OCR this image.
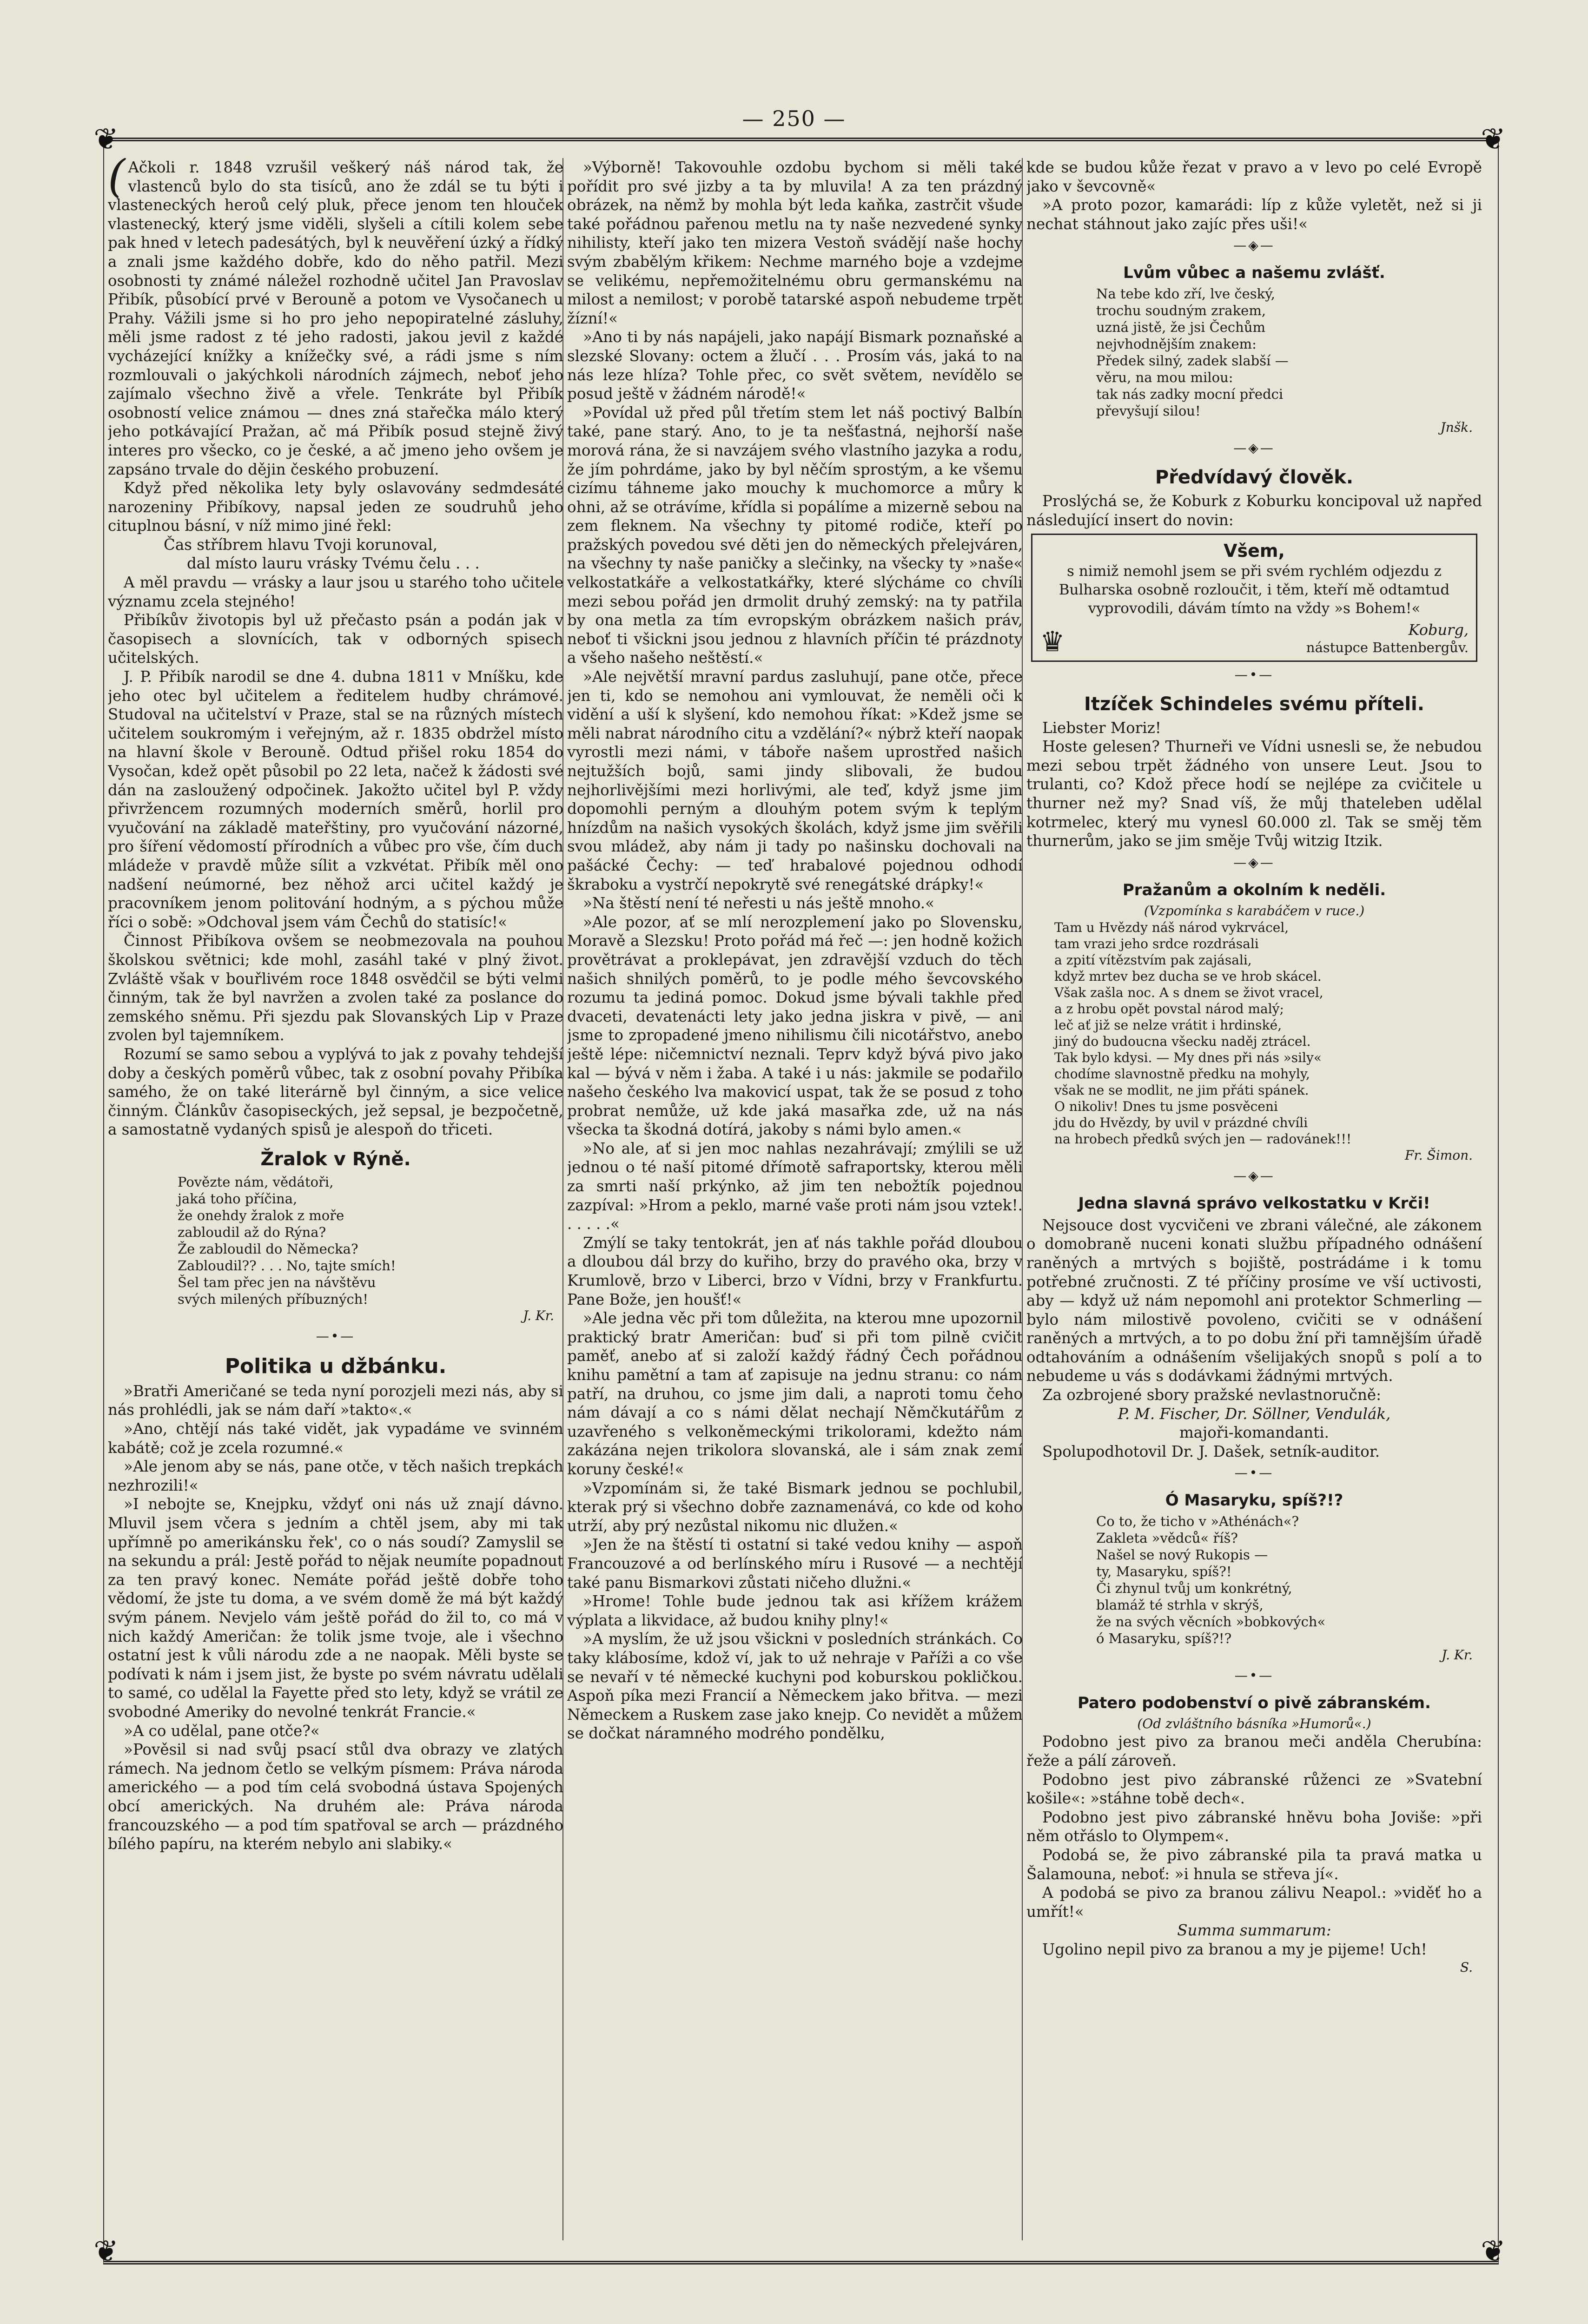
— 250 —
❦	❦
❦	❦

( Ačkoli r. 1848 vzrušil veškerý náš národ tak, že vlastenců bylo do sta tisíců, ano že zdál se tu býti i vlasteneckých heroů celý pluk, přece jenom ten hlouček vlastenecký, který jsme viděli, slyšeli a cítili kolem sebe pak hned v letech padesátých, byl k neuvěření úzký a řídký a znali jsme každého dobře, kdo do něho patřil. Mezi osobnosti ty známé náležel rozhodně učitel Jan Pravoslav Přibík, působící prvé v Berouně a potom ve Vysočanech u Prahy. Vážili jsme si ho pro jeho nepopiratelné zásluhy, měli jsme radost z té jeho radosti, jakou jevil z každé vycházející knížky a knížečky své, a rádi jsme s ním rozmlouvali o jakýchkoli národních zájmech, neboť jeho zajímalo všechno živě a vřele. Tenkráte byl Přibík osobností velice známou — dnes zná stařečka málo který jeho potkávající Pražan, ač má Přibík posud stejně živý interes pro všecko, co je české, a ač jmeno jeho ovšem je zapsáno trvale do dějin českého probuzení.

Když před několika lety byly oslavovány sedmdesáté narozeniny Přibíkovy, napsal jeden ze soudruhů jeho cituplnou básní, v níž mimo jiné řekl:

Čas stříbrem hlavu Tvoji korunoval,

dal místo lauru vrásky Tvému čelu . . .

A měl pravdu — vrásky a laur jsou u starého toho učitele významu zcela stejného!

Přibíkův životopis byl už přečasto psán a podán jak v časopisech a slovnících, tak v odborných spisech učitelských.

J. P. Přibík narodil se dne 4. dubna 1811 v Mníšku, kde jeho otec byl učitelem a ředitelem hudby chrámové. Studoval na učitelství v Praze, stal se na různých místech učitelem soukromým i veřejným, až r. 1835 obdržel místo na hlavní škole v Berouně. Odtud přišel roku 1854 do Vysočan, kdež opět působil po 22 leta, načež k žádosti své dán na zasloužený odpočinek. Jakožto učitel byl P. vždy přivržencem rozumných moderních směrů, horlil pro vyučování na základě mateřštiny, pro vyučování názorné, pro šíření vědomostí přírodních a vůbec pro vše, čím duch mládeže v pravdě může sílit a vzkvétat. Přibík měl ono nadšení neúmorné, bez něhož arci učitel každý je pracovníkem jenom politování hodným, a s pýchou může říci o sobě: »Odchoval jsem vám Čechů do statisíc!«

Činnost Přibíkova ovšem se neobmezovala na pouhou školskou světnici; kde mohl, zasáhl také v plný život. Zvláště však v bouřlivém roce 1848 osvědčil se býti velmi činným, tak že byl navržen a zvolen také za poslance do zemského sněmu. Při sjezdu pak Slovanských Lip v Praze zvolen byl tajemníkem.

Rozumí se samo sebou a vyplývá to jak z povahy tehdejší doby a českých poměrů vůbec, tak z osobní povahy Přibíka samého, že on také literárně byl činným, a sice velice činným. Článkův časopiseckých, jež sepsal, je bezpočetně, a samostatně vydaných spisů je alespoň do třiceti.

Žralok v Rýně.
Povězte nám, vědátoři,
jaká toho příčina,
že onehdy žralok z moře
zabloudil až do Rýna?
Že zabloudil do Německa?
Zabloudil?? . . . No, tajte smích!
Šel tam přec jen na návštěvu
svých milených příbuzných!
J. Kr.
—•—
Politika u džbánku.

»Bratři Američané se teda nyní porozjeli mezi nás, aby si nás prohlédli, jak se nám daří »takto«.«

»Ano, chtějí nás také vidět, jak vypadáme ve svinném kabátě; což je zcela rozumné.«

»Ale jenom aby se nás, pane otče, v těch našich trepkách nezhrozili!«

»I nebojte se, Knejpku, vždyť oni nás už znají dávno. Mluvil jsem včera s jedním a chtěl jsem, aby mi tak upřímně po amerikánsku řek', co o nás soudí? Zamyslil se na sekundu a prál: Jestě pořád to nějak neumíte popadnout za ten pravý konec. Nemáte pořád ještě dobře toho vědomí, že jste tu doma, a ve svém domě že má být každý svým pánem. Nevjelo vám ještě pořád do žil to, co má v nich každý Američan: že tolik jsme tvoje, ale i všechno ostatní jest k vůli národu zde a ne naopak. Měli byste se podívati k nám i jsem jist, že byste po svém návratu udělali to samé, co udělal la Fayette před sto lety, když se vrátil ze svobodné Ameriky do nevolné tenkrát Francie.«

»A co udělal, pane otče?«

»Pověsil si nad svůj psací stůl dva obrazy ve zlatých rámech. Na jednom četlo se velkým písmem: Práva národa amerického — a pod tím celá svobodná ústava Spojených obcí amerických. Na druhém ale: Práva národa francouzského — a pod tím spatřoval se arch — prázdného bílého papíru, na kterém nebylo ani slabiky.«

»Výborně! Takovouhle ozdobu bychom si měli také pořídit pro své jizby a ta by mluvila! A za ten prázdný obrázek, na němž by mohla být leda kaňka, zastrčit všude také pořádnou pařenou metlu na ty naše nezvedené synky nihilisty, kteří jako ten mizera Vestoň svádějí naše hochy svým zbabělým křikem: Nechme marného boje a vzdejme se velikému, nepřemožitelnému obru germanskému na milost a nemilost; v porobě tatarské aspoň nebudeme trpět žízní!«

»Ano ti by nás napájeli, jako napájí Bismark poznaňské a slezské Slovany: octem a žlučí . . . Prosím vás, jaká to na nás leze hlíza? Tohle přec, co svět světem, nevídělo se posud ještě v žádném národě!«

»Povídal už před půl třetím stem let náš poctivý Balbín také, pane starý. Ano, to je ta nešťastná, nejhorší naše morová rána, že si navzájem svého vlastního jazyka a rodu, že jím pohrdáme, jako by byl něčím sprostým, a ke všemu cizímu táhneme jako mouchy k muchomorce a můry k ohni, až se otrávíme, křídla si popálíme a mizerně sebou na zem fleknem. Na všechny ty pitomé rodiče, kteří po pražských povedou své děti jen do německých přelejváren, na všechny ty naše paničky a slečinky, na všecky ty »naše« velkostatkáře a velkostatkářky, které slýcháme co chvíli mezi sebou pořád jen drmolit druhý zemský: na ty patřila by ona metla za tím evropským obrázkem našich práv, neboť ti všickni jsou jednou z hlavních příčin té prázdnoty a všeho našeho neštěstí.«

»Ale největší mravní pardus zasluhují, pane otče, přece jen ti, kdo se nemohou ani vymlouvat, že neměli oči k vidění a uší k slyšení, kdo nemohou říkat: »Kdež jsme se měli nabrat národního citu a vzdělání?« nýbrž kteří naopak vyrostli mezi námi, v táboře našem uprostřed našich nejtužších bojů, sami jindy slibovali, že budou nejhorlivějšími mezi horlivými, ale teď, když jsme jim dopomohli perným a dlouhým potem svým k teplým hnízdům na našich vysokých školách, když jsme jim svěřili svou mládež, aby nám ji tady po našinsku dochovali na pašácké Čechy: — teď hrabalové pojednou odhodí škraboku a vystrčí nepokrytě své renegátské drápky!«

»Na štěstí není té neřesti u nás ještě mnoho.«

»Ale pozor, ať se mlí nerozplemení jako po Slovensku, Moravě a Slezsku! Proto pořád má řeč —: jen hodně kožich provětrávat a proklepávat, jen zdravější vzduch do těch našich shnilých poměrů, to je podle mého ševcovského rozumu ta jediná pomoc. Dokud jsme bývali takhle před dvaceti, devatenácti lety jako jedna jiskra v pivě, — ani jsme to zpropadené jmeno nihilismu čili nicotářstvo, anebo ještě lépe: ničemnictví neznali. Teprv když bývá pivo jako kal — bývá v něm i žaba. A také i u nás: jakmile se podařilo našeho českého lva makovicí uspat, tak že se posud z toho probrat nemůže, už kde jaká masařka zde, už na nás všecka ta škodná dotírá, jakoby s námi bylo amen.«

»No ale, ať si jen moc nahlas nezahrávají; zmýlili se už jednou o té naší pitomé dřímotě safraportsky, kterou měli za smrti naší prkýnko, až jim ten nebožtík pojednou zazpíval: »Hrom a peklo, marné vaše proti nám jsou vztek!. . . . . .«

Zmýlí se taky tentokrát, jen ať nás takhle pořád dloubou a dloubou dál brzy do kuřiho, brzy do pravého oka, brzy v Krumlově, brzo v Liberci, brzo v Vídni, brzy v Frankfurtu. Pane Bože, jen houšť!«

»Ale jedna věc při tom důležita, na kterou mne upozornil praktický bratr Američan: buď si při tom pilně cvičit paměť, anebo ať si založí každý řádný Čech pořádnou knihu pamětní a tam ať zapisuje na jednu stranu: co nám patří, na druhou, co jsme jim dali, a naproti tomu čeho nám dávají a co s námi dělat nechají Němčkutářům z uzavřeného s velkoněmeckými trikolorami, kdežto nám zakázána nejen trikolora slovanská, ale i sám znak zemí koruny české!«

»Vzpomínám si, že také Bismark jednou se pochlubil, kterak prý si všechno dobře zaznamenává, co kde od koho utrží, aby prý nezůstal nikomu nic dlužen.«

»Jen že na štěstí ti ostatní si také vedou knihy — aspoň Francouzové a od berlínského míru i Rusové — a nechtějí také panu Bismarkovi zůstati ničeho dlužni.«

»Hrome! Tohle bude jednou tak asi křížem krážem výplata a likvidace, až budou knihy plny!«

»A myslím, že už jsou všickni v posledních stránkách. Co taky klábosíme, kdož ví, jak to už nehraje v Paříži a co vše se nevaří v té německé kuchyni pod koburskou pokličkou. Aspoň píka mezi Francií a Německem jako břitva. — mezi Německem a Ruskem zase jako knejp. Co nevidět a můžem se dočkat náramného modrého pondělku,

kde se budou kůže řezat v pravo a v levo po celé Evropě jako v ševcovně«

»A proto pozor, kamarádi: líp z kůže vyletět, než si ji nechat stáhnout jako zajíc přes uši!«

—◈—
Lvům vůbec a našemu zvlášť.
Na tebe kdo zří, lve český,
trochu soudným zrakem,
uzná jistě, že jsi Čechům
nejvhodnějším znakem:
Předek silný, zadek slabší —
věru, na mou milou:
tak nás zadky mocní předci
převyšují silou!
Jnšk.
—◈—
Předvídavý člověk.

Proslýchá se, že Koburk z Koburku koncipoval už napřed následující insert do novin:

Všem,
s nimiž nemohl jsem se při svém rychlém odjezdu z Bulharska osobně rozloučit, i těm, kteří mě odtamtud vyprovodili, dávám tímto na vždy »s Bohem!«
♛	Koburg,
nástupce Battenbergův.
—•—
Itzíček Schindeles svému příteli.

Liebster Moriz!

Hoste gelesen? Thurneři ve Vídni usnesli se, že nebudou mezi sebou trpět žádného von unsere Leut. Jsou to trulanti, co? Kdož přece hodí se nejlépe za cvičitele u thurner než my? Snad víš, že můj thateleben udělal kotrmelec, který mu vynesl 60.000 zl. Tak se směj těm thurnerům, jako se jim směje Tvůj witzig Itzik.

—◈—
Pražanům a okolním k neděli.
(Vzpomínka s karabáčem v ruce.)
Tam u Hvězdy náš národ vykrvácel,
tam vrazi jeho srdce rozdrásali
a zpití vítězstvím pak zajásali,
když mrtev bez ducha se ve hrob skácel.
Však zašla noc. A s dnem se život vracel,
a z hrobu opět povstal národ malý;
leč ať již se nelze vrátit i hrdinské,
jiný do budoucna všecku naděj ztrácel.
Tak bylo kdysi. — My dnes při nás »sily«
chodíme slavnostně předku na mohyly,
však ne se modlit, ne jim přáti spánek.
O nikoliv! Dnes tu jsme posvěceni
jdu do Hvězdy, by uvil v prázdné chvíli
na hrobech předků svých jen — radovánek!!!
Fr. Šimon.
—◈—
Jedna slavná správo velkostatku v Krči!

Nejsouce dost vycvičeni ve zbrani válečné, ale zákonem o domobraně nuceni konati službu případného odnášení raněných a mrtvých s bojiště, postrádáme i k tomu potřebné zručnosti. Z té příčiny prosíme ve vší uctivosti, aby — když už nám nepomohl ani protektor Schmerling — bylo nám milostivě povoleno, cvičiti se v odnášení raněných a mrtvých, a to po dobu žní při tamnějším úřadě odtahováním a odnášením všelijakých snopů s polí a to nebudeme u vás s dodávkami žádnými mrtvých.

Za ozbrojené sbory pražské nevlastnoručně:

P. M. Fischer, Dr. Söllner, Vendulák,

majoři-komandanti.

Spolupodhotovil Dr. J. Dašek, setník-auditor.

—•—
Ó Masaryku, spíš?!?
Co to, že ticho v »Athénách«?
Zakleta »vědců« říš?
Našel se nový Rukopis —
ty, Masaryku, spíš?!
Či zhynul tvůj um konkrétný,
blamáž té strhla v skrýš,
že na svých věcních »bobkových«
ó Masaryku, spíš?!?
J. Kr.
—•—
Patero podobenství o pivě zábranském.
(Od zvláštního básníka »Humorů«.)

Podobno jest pivo za branou meči anděla Cherubína: řeže a pálí zároveň.

Podobno jest pivo zábranské růženci ze »Svatební košile«: »stáhne tobě dech«.

Podobno jest pivo zábranské hněvu boha Joviše: »při něm otřáslo to Olympem«.

Podobá se, že pivo zábranské pila ta pravá matka u Šalamouna, neboť: »i hnula se střeva jí«.

A podobá se pivo za branou zálivu Neapol.: »viděť ho a umřít!«

Summa summarum:

Ugolino nepil pivo za branou a my je pijeme! Uch!

S.
